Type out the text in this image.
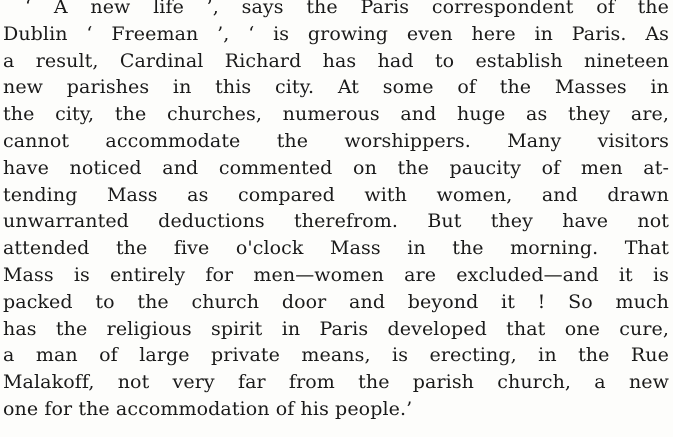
‘ A new life ’, says the Paris correspondent of the
Dublin ‘ Freeman ’, ‘ is growing even here in Paris. As
a result, Cardinal Richard has had to establish nineteen
new parishes in this city. At some of the Masses in
the city, the churches, numerous and huge as they are,
cannot accommodate the worshippers. Many visitors
have noticed and commented on the paucity of men at-
tending Mass as compared with women, and drawn
unwarranted deductions therefrom. But they have not
attended the five o'clock Mass in the morning. That
Mass is entirely for men—women are excluded—and it is
packed to the church door and beyond it ! So much
has the religious spirit in Paris developed that one cure,
a man of large private means, is erecting, in the Rue
Malakoff, not very far from the parish church, a new
one for the accommodation of his people.’
